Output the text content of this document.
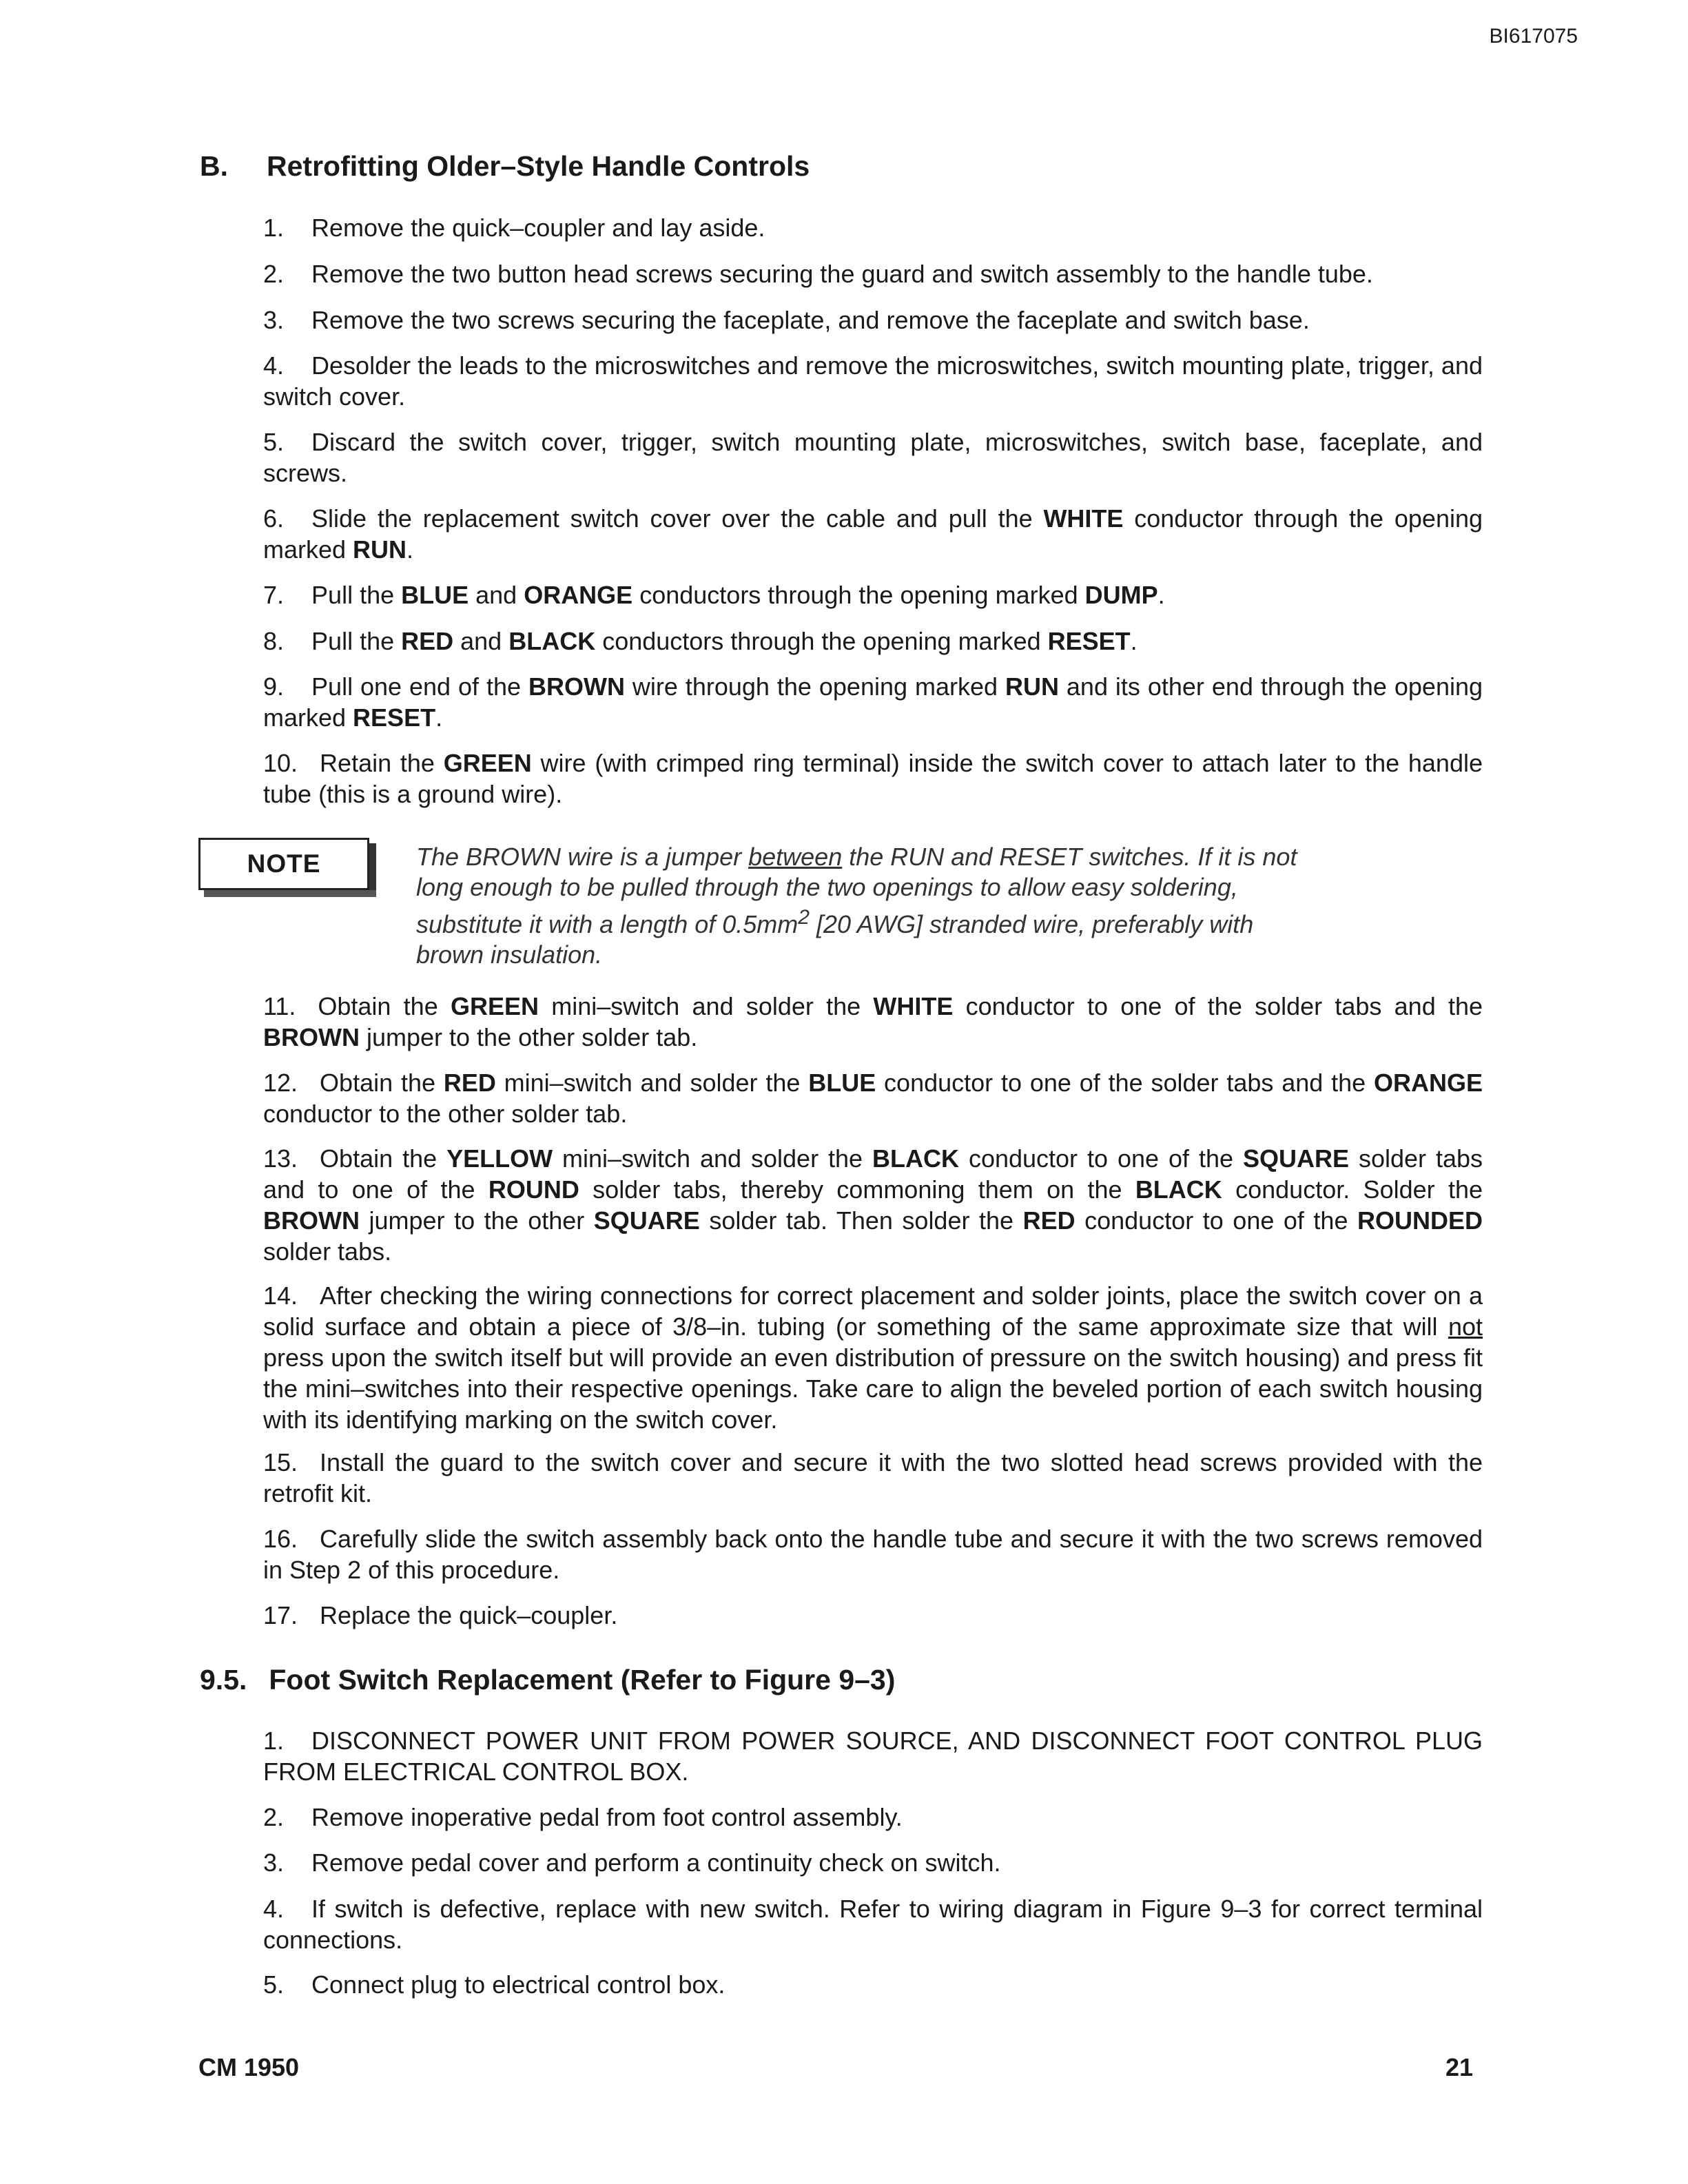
BI617075
B. Retrofitting Older–Style Handle Controls
1. Remove the quick–coupler and lay aside.
2. Remove the two button head screws securing the guard and switch assembly to the handle tube.
3. Remove the two screws securing the faceplate, and remove the faceplate and switch base.
4. Desolder the leads to the microswitches and remove the microswitches, switch mounting plate, trigger, and switch cover.
5. Discard the switch cover, trigger, switch mounting plate, microswitches, switch base, faceplate, and screws.
6. Slide the replacement switch cover over the cable and pull the WHITE conductor through the opening marked RUN.
7. Pull the BLUE and ORANGE conductors through the opening marked DUMP.
8. Pull the RED and BLACK conductors through the opening marked RESET.
9. Pull one end of the BROWN wire through the opening marked RUN and its other end through the opening marked RESET.
10. Retain the GREEN wire (with crimped ring terminal) inside the switch cover to attach later to the handle tube (this is a ground wire).
NOTE	The BROWN wire is a jumper between the RUN and RESET switches. If it is not long enough to be pulled through the two openings to allow easy soldering, substitute it with a length of $0.5mm^2$ [20 AWG] stranded wire, preferably with brown insulation.
11. Obtain the GREEN mini–switch and solder the WHITE conductor to one of the solder tabs and the BROWN jumper to the other solder tab.
12. Obtain the RED mini–switch and solder the BLUE conductor to one of the solder tabs and the ORANGE conductor to the other solder tab.
13. Obtain the YELLOW mini–switch and solder the BLACK conductor to one of the SQUARE solder tabs and to one of the ROUND solder tabs, thereby commoning them on the BLACK conductor. Solder the BROWN jumper to the other SQUARE solder tab. Then solder the RED conductor to one of the ROUNDED solder tabs.
14. After checking the wiring connections for correct placement and solder joints, place the switch cover on a solid surface and obtain a piece of 3/8–in. tubing (or something of the same approximate size that will not press upon the switch itself but will provide an even distribution of pressure on the switch housing) and press fit the mini–switches into their respective openings. Take care to align the beveled portion of each switch housing with its identifying marking on the switch cover.
15. Install the guard to the switch cover and secure it with the two slotted head screws provided with the retrofit kit.
16. Carefully slide the switch assembly back onto the handle tube and secure it with the two screws removed in Step 2 of this procedure.
17. Replace the quick–coupler.
9.5. Foot Switch Replacement (Refer to Figure 9–3)
1. DISCONNECT POWER UNIT FROM POWER SOURCE, AND DISCONNECT FOOT CONTROL PLUG FROM ELECTRICAL CONTROL BOX.
2. Remove inoperative pedal from foot control assembly.
3. Remove pedal cover and perform a continuity check on switch.
4. If switch is defective, replace with new switch. Refer to wiring diagram in Figure 9–3 for correct terminal connections.
5. Connect plug to electrical control box.
CM 1950	21
